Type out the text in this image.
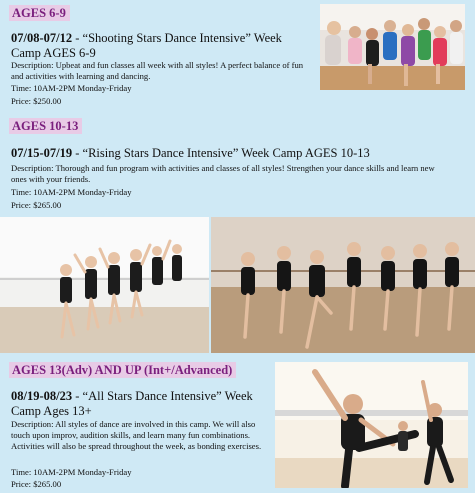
AGES 6-9
07/08-07/12 - “Shooting Stars Dance Intensive” Week Camp AGES 6-9
Description: Upbeat and fun classes all week with all styles! A perfect balance of fun and activities with learning and dancing.
Time: 10AM-2PM Monday-Friday
Price: $250.00
AGES 10-13
07/15-07/19 - “Rising Stars Dance Intensive” Week Camp AGES 10-13
Description: Thorough and fun program with activities and classes of all styles! Strengthen your dance skills and learn new ones with your friends.
Time: 10AM-2PM Monday-Friday
Price: $265.00
AGES 13(Adv) AND UP (Int+/Advanced)
08/19-08/23 - “All Stars Dance Intensive” Week Camp Ages 13+
Description: All styles of dance are involved in this camp. We will also touch upon improv, audition skills, and learn many fun combinations. Activities will also be spread throughout the week, as bonding exercises.
Time: 10AM-2PM Monday-Friday
Price: $265.00
